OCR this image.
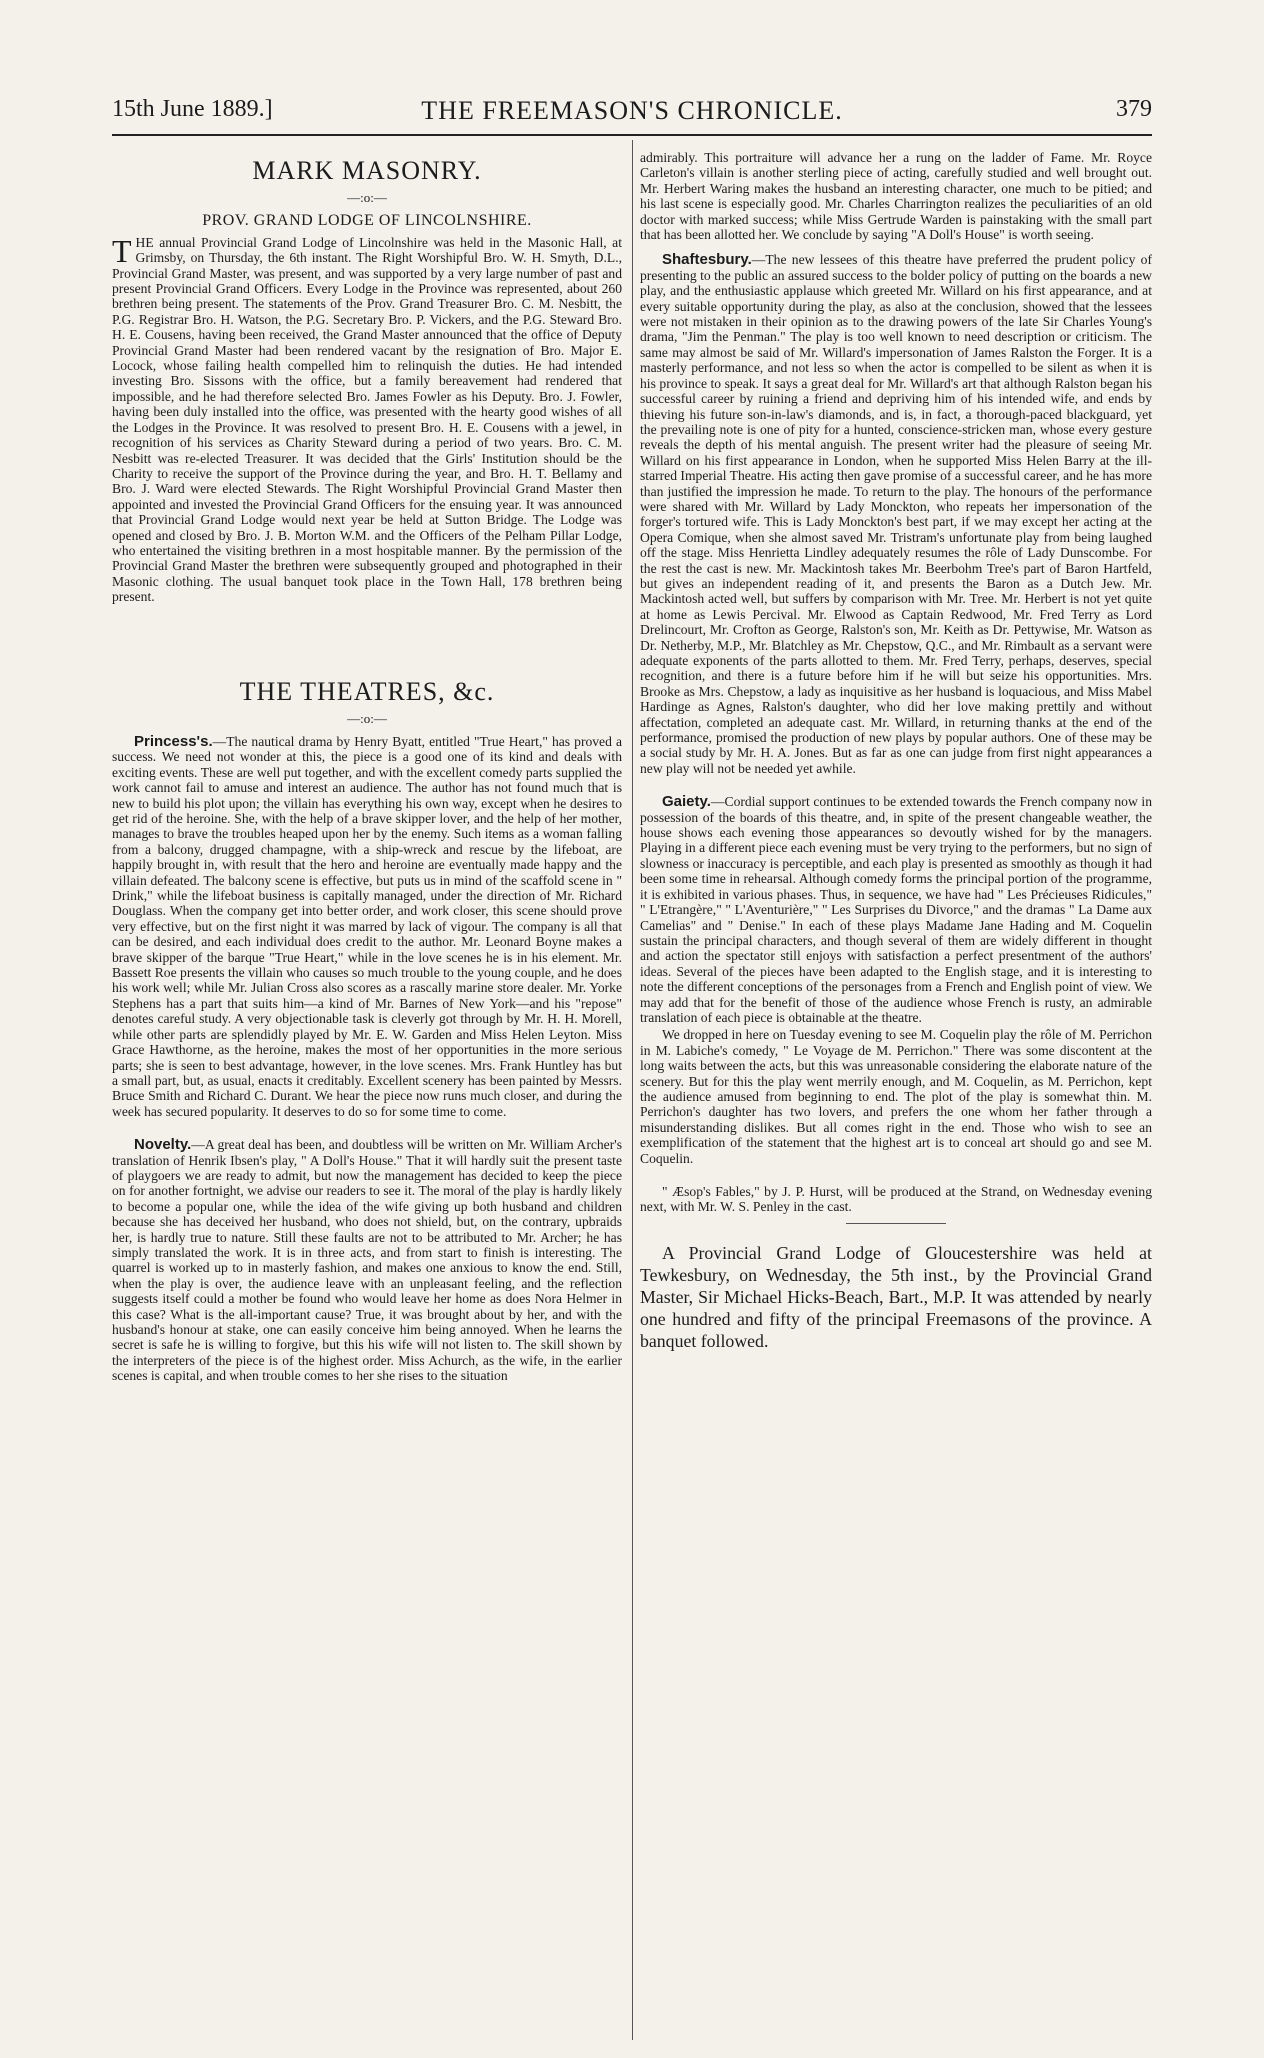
15th June 1889.]	THE FREEMASON'S CHRONICLE.	379
MARK MASONRY.
—:o:—
PROV. GRAND LODGE OF LINCOLNSHIRE.

THE annual Provincial Grand Lodge of Lincolnshire was held in the Masonic Hall, at Grimsby, on Thursday, the 6th instant. The Right Worshipful Bro. W. H. Smyth, D.L., Provincial Grand Master, was present, and was supported by a very large number of past and present Provincial Grand Officers. Every Lodge in the Province was represented, about 260 brethren being present. The statements of the Prov. Grand Treasurer Bro. C. M. Nesbitt, the P.G. Registrar Bro. H. Watson, the P.G. Secretary Bro. P. Vickers, and the P.G. Steward Bro. H. E. Cousens, having been received, the Grand Master announced that the office of Deputy Provincial Grand Master had been rendered vacant by the resignation of Bro. Major E. Locock, whose failing health compelled him to relinquish the duties. He had intended investing Bro. Sissons with the office, but a family bereavement had rendered that impossible, and he had therefore selected Bro. James Fowler as his Deputy. Bro. J. Fowler, having been duly installed into the office, was presented with the hearty good wishes of all the Lodges in the Province. It was resolved to present Bro. H. E. Cousens with a jewel, in recognition of his services as Charity Steward during a period of two years. Bro. C. M. Nesbitt was re-elected Treasurer. It was decided that the Girls' Institution should be the Charity to receive the support of the Province during the year, and Bro. H. T. Bellamy and Bro. J. Ward were elected Stewards. The Right Worshipful Provincial Grand Master then appointed and invested the Provincial Grand Officers for the ensuing year. It was announced that Provincial Grand Lodge would next year be held at Sutton Bridge. The Lodge was opened and closed by Bro. J. B. Morton W.M. and the Officers of the Pelham Pillar Lodge, who entertained the visiting brethren in a most hospitable manner. By the permission of the Provincial Grand Master the brethren were subsequently grouped and photographed in their Masonic clothing. The usual banquet took place in the Town Hall, 178 brethren being present.

THE THEATRES, &c.
—:o:—

Princess's.—The nautical drama by Henry Byatt, entitled "True Heart," has proved a success. We need not wonder at this, the piece is a good one of its kind and deals with exciting events. These are well put together, and with the excellent comedy parts supplied the work cannot fail to amuse and interest an audience. The author has not found much that is new to build his plot upon; the villain has everything his own way, except when he desires to get rid of the heroine. She, with the help of a brave skipper lover, and the help of her mother, manages to brave the troubles heaped upon her by the enemy. Such items as a woman falling from a balcony, drugged champagne, with a ship-wreck and rescue by the lifeboat, are happily brought in, with result that the hero and heroine are eventually made happy and the villain defeated. The balcony scene is effective, but puts us in mind of the scaffold scene in " Drink," while the lifeboat business is capitally managed, under the direction of Mr. Richard Douglass. When the company get into better order, and work closer, this scene should prove very effective, but on the first night it was marred by lack of vigour. The company is all that can be desired, and each individual does credit to the author. Mr. Leonard Boyne makes a brave skipper of the barque "True Heart," while in the love scenes he is in his element. Mr. Bassett Roe presents the villain who causes so much trouble to the young couple, and he does his work well; while Mr. Julian Cross also scores as a rascally marine store dealer. Mr. Yorke Stephens has a part that suits him—a kind of Mr. Barnes of New York—and his "repose" denotes careful study. A very objectionable task is cleverly got through by Mr. H. H. Morell, while other parts are splendidly played by Mr. E. W. Garden and Miss Helen Leyton. Miss Grace Hawthorne, as the heroine, makes the most of her opportunities in the more serious parts; she is seen to best advantage, however, in the love scenes. Mrs. Frank Huntley has but a small part, but, as usual, enacts it creditably. Excellent scenery has been painted by Messrs. Bruce Smith and Richard C. Durant. We hear the piece now runs much closer, and during the week has secured popularity. It deserves to do so for some time to come.

Novelty.—A great deal has been, and doubtless will be written on Mr. William Archer's translation of Henrik Ibsen's play, " A Doll's House." That it will hardly suit the present taste of playgoers we are ready to admit, but now the management has decided to keep the piece on for another fortnight, we advise our readers to see it. The moral of the play is hardly likely to become a popular one, while the idea of the wife giving up both husband and children because she has deceived her husband, who does not shield, but, on the contrary, upbraids her, is hardly true to nature. Still these faults are not to be attributed to Mr. Archer; he has simply translated the work. It is in three acts, and from start to finish is interesting. The quarrel is worked up to in masterly fashion, and makes one anxious to know the end. Still, when the play is over, the audience leave with an unpleasant feeling, and the reflection suggests itself could a mother be found who would leave her home as does Nora Helmer in this case? What is the all-important cause? True, it was brought about by her, and with the husband's honour at stake, one can easily conceive him being annoyed. When he learns the secret is safe he is willing to forgive, but this his wife will not listen to. The skill shown by the interpreters of the piece is of the highest order. Miss Achurch, as the wife, in the earlier scenes is capital, and when trouble comes to her she rises to the situation

admirably. This portraiture will advance her a rung on the ladder of Fame. Mr. Royce Carleton's villain is another sterling piece of acting, carefully studied and well brought out. Mr. Herbert Waring makes the husband an interesting character, one much to be pitied; and his last scene is especially good. Mr. Charles Charrington realizes the peculiarities of an old doctor with marked success; while Miss Gertrude Warden is painstaking with the small part that has been allotted her. We conclude by saying "A Doll's House" is worth seeing.

Shaftesbury.—The new lessees of this theatre have preferred the prudent policy of presenting to the public an assured success to the bolder policy of putting on the boards a new play, and the enthusiastic applause which greeted Mr. Willard on his first appearance, and at every suitable opportunity during the play, as also at the conclusion, showed that the lessees were not mistaken in their opinion as to the drawing powers of the late Sir Charles Young's drama, "Jim the Penman." The play is too well known to need description or criticism. The same may almost be said of Mr. Willard's impersonation of James Ralston the Forger. It is a masterly performance, and not less so when the actor is compelled to be silent as when it is his province to speak. It says a great deal for Mr. Willard's art that although Ralston began his successful career by ruining a friend and depriving him of his intended wife, and ends by thieving his future son-in-law's diamonds, and is, in fact, a thorough-paced blackguard, yet the prevailing note is one of pity for a hunted, conscience-stricken man, whose every gesture reveals the depth of his mental anguish. The present writer had the pleasure of seeing Mr. Willard on his first appearance in London, when he supported Miss Helen Barry at the ill-starred Imperial Theatre. His acting then gave promise of a successful career, and he has more than justified the impression he made. To return to the play. The honours of the performance were shared with Mr. Willard by Lady Monckton, who repeats her impersonation of the forger's tortured wife. This is Lady Monckton's best part, if we may except her acting at the Opera Comique, when she almost saved Mr. Tristram's unfortunate play from being laughed off the stage. Miss Henrietta Lindley adequately resumes the rôle of Lady Dunscombe. For the rest the cast is new. Mr. Mackintosh takes Mr. Beerbohm Tree's part of Baron Hartfeld, but gives an independent reading of it, and presents the Baron as a Dutch Jew. Mr. Mackintosh acted well, but suffers by comparison with Mr. Tree. Mr. Herbert is not yet quite at home as Lewis Percival. Mr. Elwood as Captain Redwood, Mr. Fred Terry as Lord Drelincourt, Mr. Crofton as George, Ralston's son, Mr. Keith as Dr. Pettywise, Mr. Watson as Dr. Netherby, M.P., Mr. Blatchley as Mr. Chepstow, Q.C., and Mr. Rimbault as a servant were adequate exponents of the parts allotted to them. Mr. Fred Terry, perhaps, deserves, special recognition, and there is a future before him if he will but seize his opportunities. Mrs. Brooke as Mrs. Chepstow, a lady as inquisitive as her husband is loquacious, and Miss Mabel Hardinge as Agnes, Ralston's daughter, who did her love making prettily and without affectation, completed an adequate cast. Mr. Willard, in returning thanks at the end of the performance, promised the production of new plays by popular authors. One of these may be a social study by Mr. H. A. Jones. But as far as one can judge from first night appearances a new play will not be needed yet awhile.

Gaiety.—Cordial support continues to be extended towards the French company now in possession of the boards of this theatre, and, in spite of the present changeable weather, the house shows each evening those appearances so devoutly wished for by the managers. Playing in a different piece each evening must be very trying to the performers, but no sign of slowness or inaccuracy is perceptible, and each play is presented as smoothly as though it had been some time in rehearsal. Although comedy forms the principal portion of the programme, it is exhibited in various phases. Thus, in sequence, we have had " Les Précieuses Ridicules," " L'Etrangère," " L'Aventurière," " Les Surprises du Divorce," and the dramas " La Dame aux Camelias" and " Denise." In each of these plays Madame Jane Hading and M. Coquelin sustain the principal characters, and though several of them are widely different in thought and action the spectator still enjoys with satisfaction a perfect presentment of the authors' ideas. Several of the pieces have been adapted to the English stage, and it is interesting to note the different conceptions of the personages from a French and English point of view. We may add that for the benefit of those of the audience whose French is rusty, an admirable translation of each piece is obtainable at the theatre.

We dropped in here on Tuesday evening to see M. Coquelin play the rôle of M. Perrichon in M. Labiche's comedy, " Le Voyage de M. Perrichon." There was some discontent at the long waits between the acts, but this was unreasonable considering the elaborate nature of the scenery. But for this the play went merrily enough, and M. Coquelin, as M. Perrichon, kept the audience amused from beginning to end. The plot of the play is somewhat thin. M. Perrichon's daughter has two lovers, and prefers the one whom her father through a misunderstanding dislikes. But all comes right in the end. Those who wish to see an exemplification of the statement that the highest art is to conceal art should go and see M. Coquelin.

" Æsop's Fables," by J. P. Hurst, will be produced at the Strand, on Wednesday evening next, with Mr. W. S. Penley in the cast.

A Provincial Grand Lodge of Gloucestershire was held at Tewkesbury, on Wednesday, the 5th inst., by the Provincial Grand Master, Sir Michael Hicks-Beach, Bart., M.P. It was attended by nearly one hundred and fifty of the principal Freemasons of the province. A banquet followed.
